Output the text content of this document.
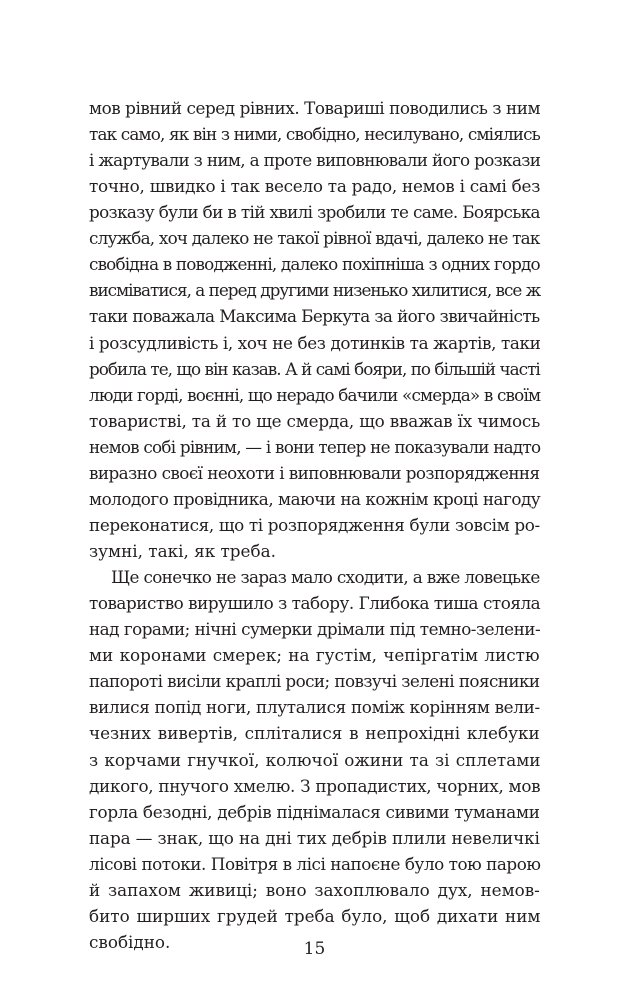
мов рівний серед рівних. Товариші поводились з ним
так само, як він з ними, свобідно, несилувано, сміялись
і жартували з ним, а проте виповнювали його розкази
точно, швидко і так весело та радо, немов і самі без
розказу були би в тій хвилі зробили те саме. Боярська
служба, хоч далеко не такої рівної вдачі, далеко не так
свобідна в поводженні, далеко похіпніша з одних гордо
висміватися, а перед другими низенько хилитися, все ж
таки поважала Максима Беркута за його звичайність
і розсудливість і, хоч не без дотинків та жартів, таки
робила те, що він казав. А й самі бояри, по більшій часті
люди горді, воєнні, що нерадо бачили «смерда» в своїм
товаристві, та й то ще смерда, що вважав їх чимось
немов собі рівним, — і вони тепер не показували надто
виразно своєї неохоти і виповнювали розпорядження
молодого провідника, маючи на кожнім кроці нагоду
переконатися, що ті розпорядження були зовсім ро-
зумні, такі, як треба.
Ще сонечко не зараз мало сходити, а вже ловецьке
товариство вирушило з табору. Глибока тиша стояла
над горами; нічні сумерки дрімали під темно-зелени-
ми коронами смерек; на густім, чепіргатім листю
папороті висіли краплі роси; повзучі зелені поясники
вилися попід ноги, плуталися поміж корінням вели-
чезних вивертів, сплітaлися в непрохідні клебуки
з корчами гнучкої, колючої ожини та зі сплетами
дикого, пнучого хмелю. З пропадистих, чорних, мов
горла безодні, дебрів піднімалася сивими туманами
пара — знак, що на дні тих дебрів плили невеличкі
лісові потоки. Повітря в лісі напоєне було тою парою
й запахом живиці; воно захоплювало дух, немов-
бито ширших грудей треба було, щоб дихати ним
свобідно.	15
